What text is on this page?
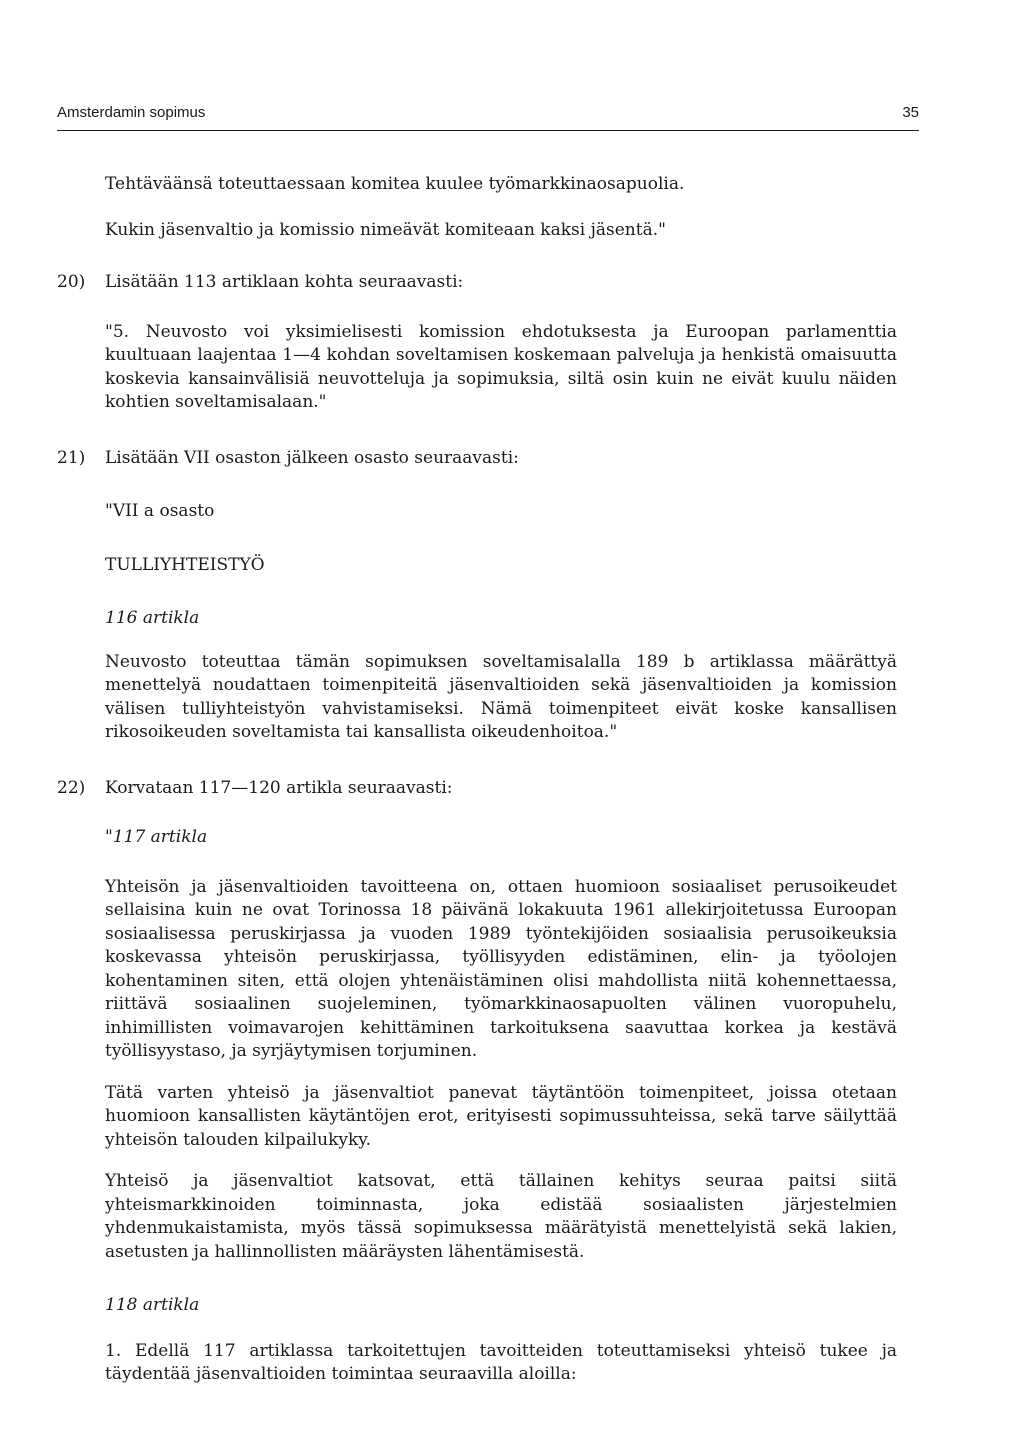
Amsterdamin sopimus	35

Tehtäväänsä toteuttaessaan komitea kuulee työmarkkinaosapuolia.

Kukin jäsenvaltio ja komissio nimeävät komiteaan kaksi jäsentä."

20)	Lisätään 113 artiklaan kohta seuraavasti:

"5. Neuvosto voi yksimielisesti komission ehdotuksesta ja Euroopan parlamenttia kuultuaan laajentaa 1—4 kohdan soveltamisen koskemaan palveluja ja henkistä omaisuutta koskevia kansainvälisiä neuvotteluja ja sopimuksia, siltä osin kuin ne eivät kuulu näiden kohtien soveltamisalaan."

21)	Lisätään VII osaston jälkeen osasto seuraavasti:

"VII a osasto

TULLIYHTEISTYÖ

116 artikla

Neuvosto toteuttaa tämän sopimuksen soveltamisalalla 189 b artiklassa määrättyä menettelyä noudattaen toimenpiteitä jäsenvaltioiden sekä jäsenvaltioiden ja komission välisen tulliyhteistyön vahvistamiseksi. Nämä toimenpiteet eivät koske kansallisen rikosoikeuden soveltamista tai kansallista oikeudenhoitoa."

22)	Korvataan 117—120 artikla seuraavasti:

"117 artikla

Yhteisön ja jäsenvaltioiden tavoitteena on, ottaen huomioon sosiaaliset perusoikeudet sellaisina kuin ne ovat Torinossa 18 päivänä lokakuuta 1961 allekirjoitetussa Euroopan sosiaalisessa peruskirjassa ja vuoden 1989 työntekijöiden sosiaalisia perusoikeuksia koskevassa yhteisön peruskirjassa, työllisyyden edistäminen, elin- ja työolojen kohentaminen siten, että olojen yhtenäistäminen olisi mahdollista niitä kohennettaessa, riittävä sosiaalinen suojeleminen, työmarkkinaosapuolten välinen vuoropuhelu, inhimillisten voimavarojen kehittäminen tarkoituksena saavuttaa korkea ja kestävä työllisyystaso, ja syrjäytymisen torjuminen.

Tätä varten yhteisö ja jäsenvaltiot panevat täytäntöön toimenpiteet, joissa otetaan huomioon kansallisten käytäntöjen erot, erityisesti sopimussuhteissa, sekä tarve säilyttää yhteisön talouden kilpailukyky.

Yhteisö ja jäsenvaltiot katsovat, että tällainen kehitys seuraa paitsi siitä yhteismarkkinoiden toiminnasta, joka edistää sosiaalisten järjestelmien yhdenmukaistamista, myös tässä sopimuksessa määrätyistä menettelyistä sekä lakien, asetusten ja hallinnollisten määräysten lähentämisestä.

118 artikla

1. Edellä 117 artiklassa tarkoitettujen tavoitteiden toteuttamiseksi yhteisö tukee ja täydentää jäsenvaltioiden toimintaa seuraavilla aloilla:
